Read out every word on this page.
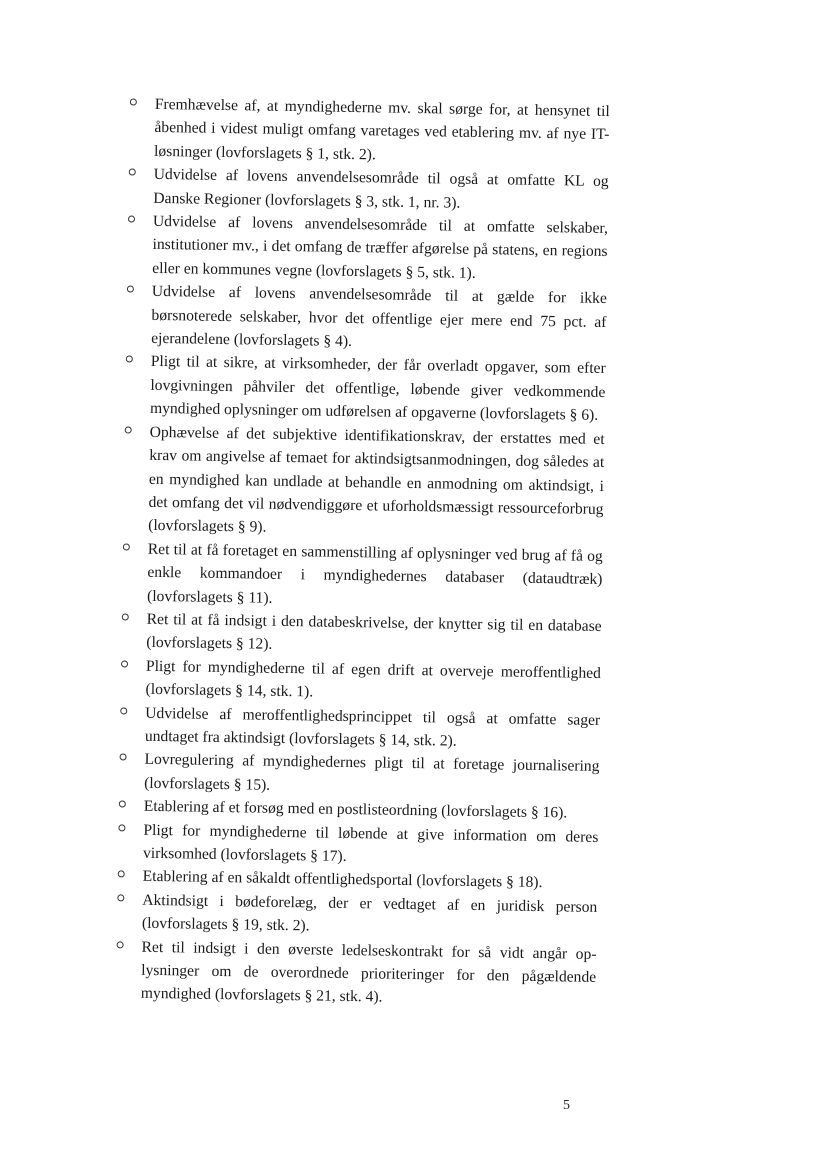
Fremhævelse af, at myndighederne mv. skal sørge for, at hensynet til åbenhed i videst muligt omfang varetages ved etablering mv. af nye IT-løsninger (lovforslagets § 1, stk. 2).
Udvidelse af lovens anvendelsesområde til også at omfatte KL og Danske Regioner (lovforslagets § 3, stk. 1, nr. 3).
Udvidelse af lovens anvendelsesområde til at omfatte selskaber, institutioner mv., i det omfang de træffer afgørelse på statens, en regions eller en kommunes vegne (lovforslagets § 5, stk. 1).
Udvidelse af lovens anvendelsesområde til at gælde for ikke børsnoterede selskaber, hvor det offentlige ejer mere end 75 pct. af ejerandelene (lovforslagets § 4).
Pligt til at sikre, at virksomheder, der får overladt opgaver, som efter lovgivningen påhviler det offentlige, løbende giver vedkommende myndighed oplysninger om udførelsen af opgaverne (lovforslagets § 6).
Ophævelse af det subjektive identifikationskrav, der erstattes med et krav om angivelse af temaet for aktindsigtsanmodningen, dog således at en myndighed kan undlade at behandle en anmodning om aktindsigt, i det omfang det vil nødvendiggøre et uforholdsmæssigt ressourceforbrug (lovforslagets § 9).
Ret til at få foretaget en sammenstilling af oplysninger ved brug af få og enkle kommandoer i myndighedernes databaser (dataudtræk) (lovforslagets § 11).
Ret til at få indsigt i den databeskrivelse, der knytter sig til en database (lovforslagets § 12).
Pligt for myndighederne til af egen drift at overveje meroffentlighed (lovforslagets § 14, stk. 1).
Udvidelse af meroffentlighedsprincippet til også at omfatte sager undtaget fra aktindsigt (lovforslagets § 14, stk. 2).
Lovregulering af myndighedernes pligt til at foretage journalisering (lovforslagets § 15).
Etablering af et forsøg med en postlisteordning (lovforslagets § 16).
Pligt for myndighederne til løbende at give information om deres virksomhed (lovforslagets § 17).
Etablering af en såkaldt offentlighedsportal (lovforslagets § 18).
Aktindsigt i bødeforelæg, der er vedtaget af en juridisk person (lovforslagets § 19, stk. 2).
Ret til indsigt i den øverste ledelseskontrakt for så vidt angår oplysninger om de overordnede prioriteringer for den pågældende myndighed (lovforslagets § 21, stk. 4).
5
